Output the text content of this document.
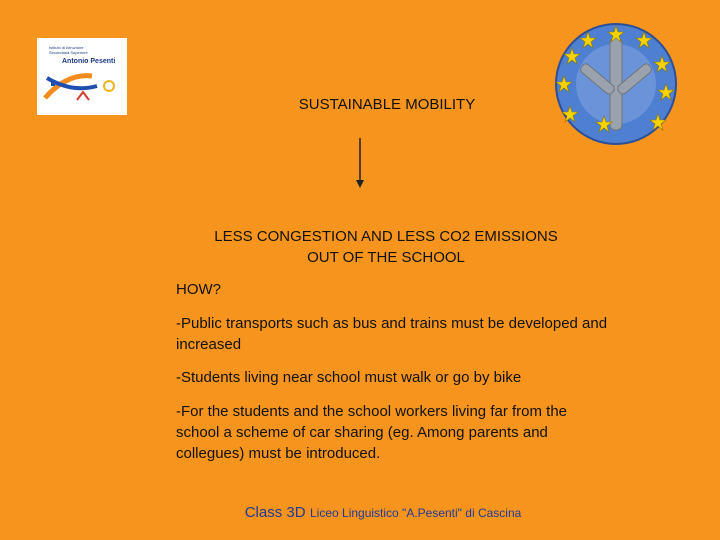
Istituto di Istruzione
Secondaria Superiore
Antonio Pesenti
SUSTAINABLE MOBILITY
LESS CONGESTION AND LESS CO2 EMISSIONS
OUT OF THE SCHOOL
HOW?
-Public transports such as bus and trains must be developed and increased
-Students living near school must walk or go by bike
-For the students and the school workers living far from the school a scheme of car sharing (eg. Among parents and collegues) must be introduced.
Class 3D Liceo Linguistico "A.Pesenti" di Cascina
